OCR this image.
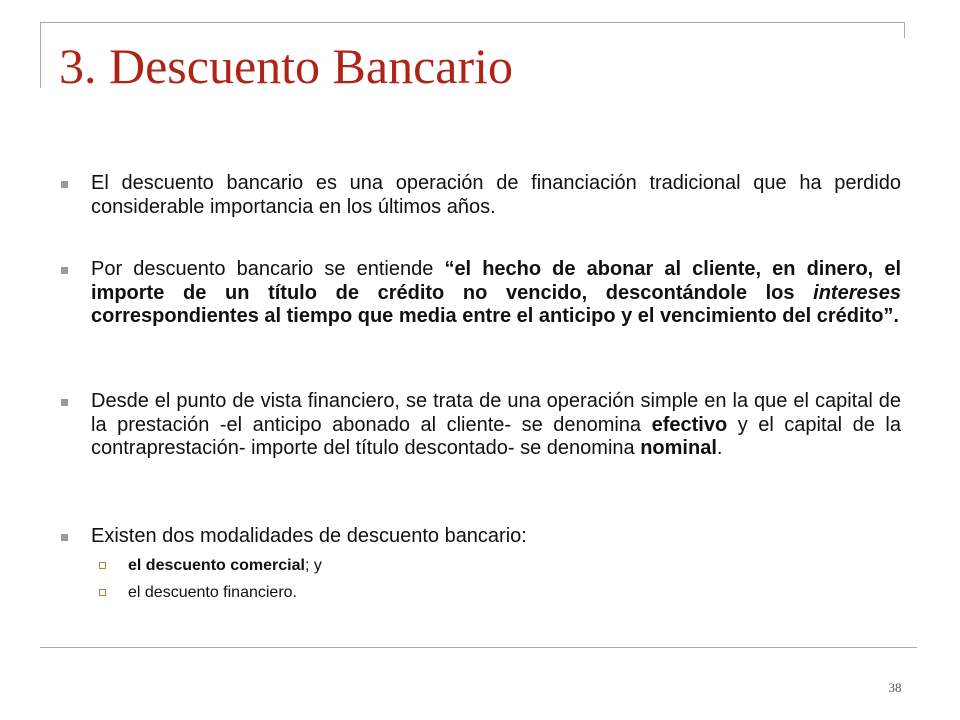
3. Descuento Bancario
El descuento bancario es una operación de financiación tradicional que ha perdido considerable importancia en los últimos años.
Por descuento bancario se entiende “el hecho de abonar al cliente, en dinero, el importe de un título de crédito no vencido, descontándole los intereses correspondientes al tiempo que media entre el anticipo y el vencimiento del crédito”.
Desde el punto de vista financiero, se trata de una operación simple en la que el capital de la prestación -el anticipo abonado al cliente- se denomina efectivo y el capital de la contraprestación- importe del título descontado- se denomina nominal.
Existen dos modalidades de descuento bancario:
el descuento comercial; y
el descuento financiero.
38
